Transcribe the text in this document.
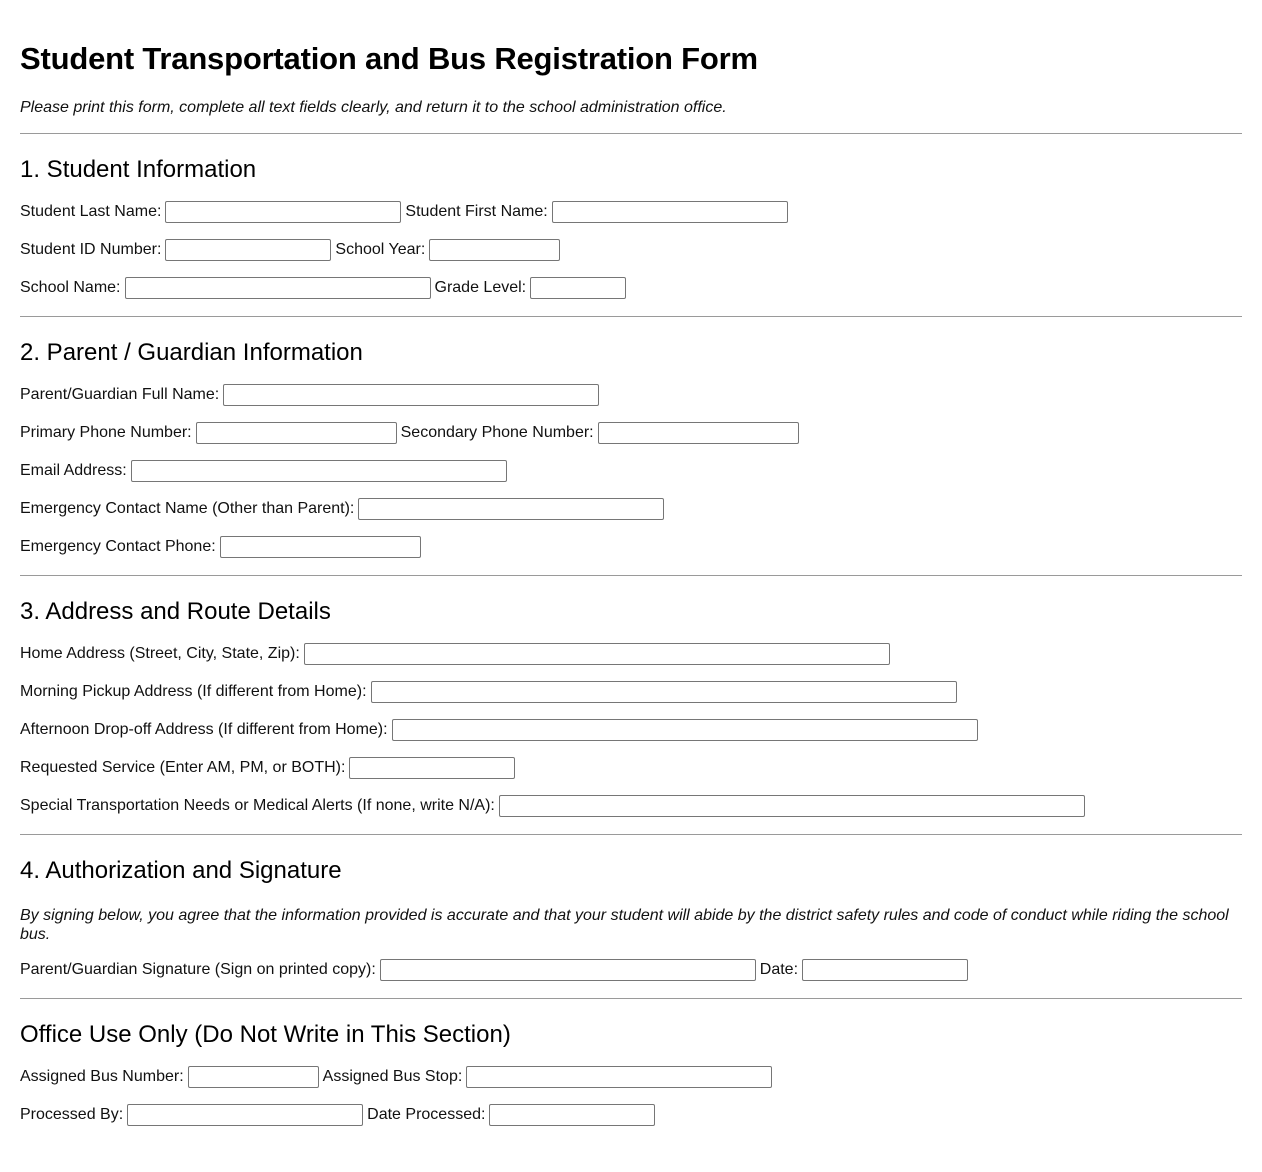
Student Transportation and Bus Registration Form

Please print this form, complete all text fields clearly, and return it to the school administration office.

1. Student Information
Student Last Name:	Student First Name:
Student ID Number:	School Year:
School Name:	Grade Level:
2. Parent / Guardian Information
Parent/Guardian Full Name:
Primary Phone Number:	Secondary Phone Number:
Email Address:
Emergency Contact Name (Other than Parent):
Emergency Contact Phone:
3. Address and Route Details
Home Address (Street, City, State, Zip):
Morning Pickup Address (If different from Home):
Afternoon Drop-off Address (If different from Home):
Requested Service (Enter AM, PM, or BOTH):
Special Transportation Needs or Medical Alerts (If none, write N/A):
4. Authorization and Signature

By signing below, you agree that the information provided is accurate and that your student will abide by the district safety rules and code of conduct while riding the school bus.

Parent/Guardian Signature (Sign on printed copy):	Date:
Office Use Only (Do Not Write in This Section)
Assigned Bus Number:	Assigned Bus Stop:
Processed By:	Date Processed:
